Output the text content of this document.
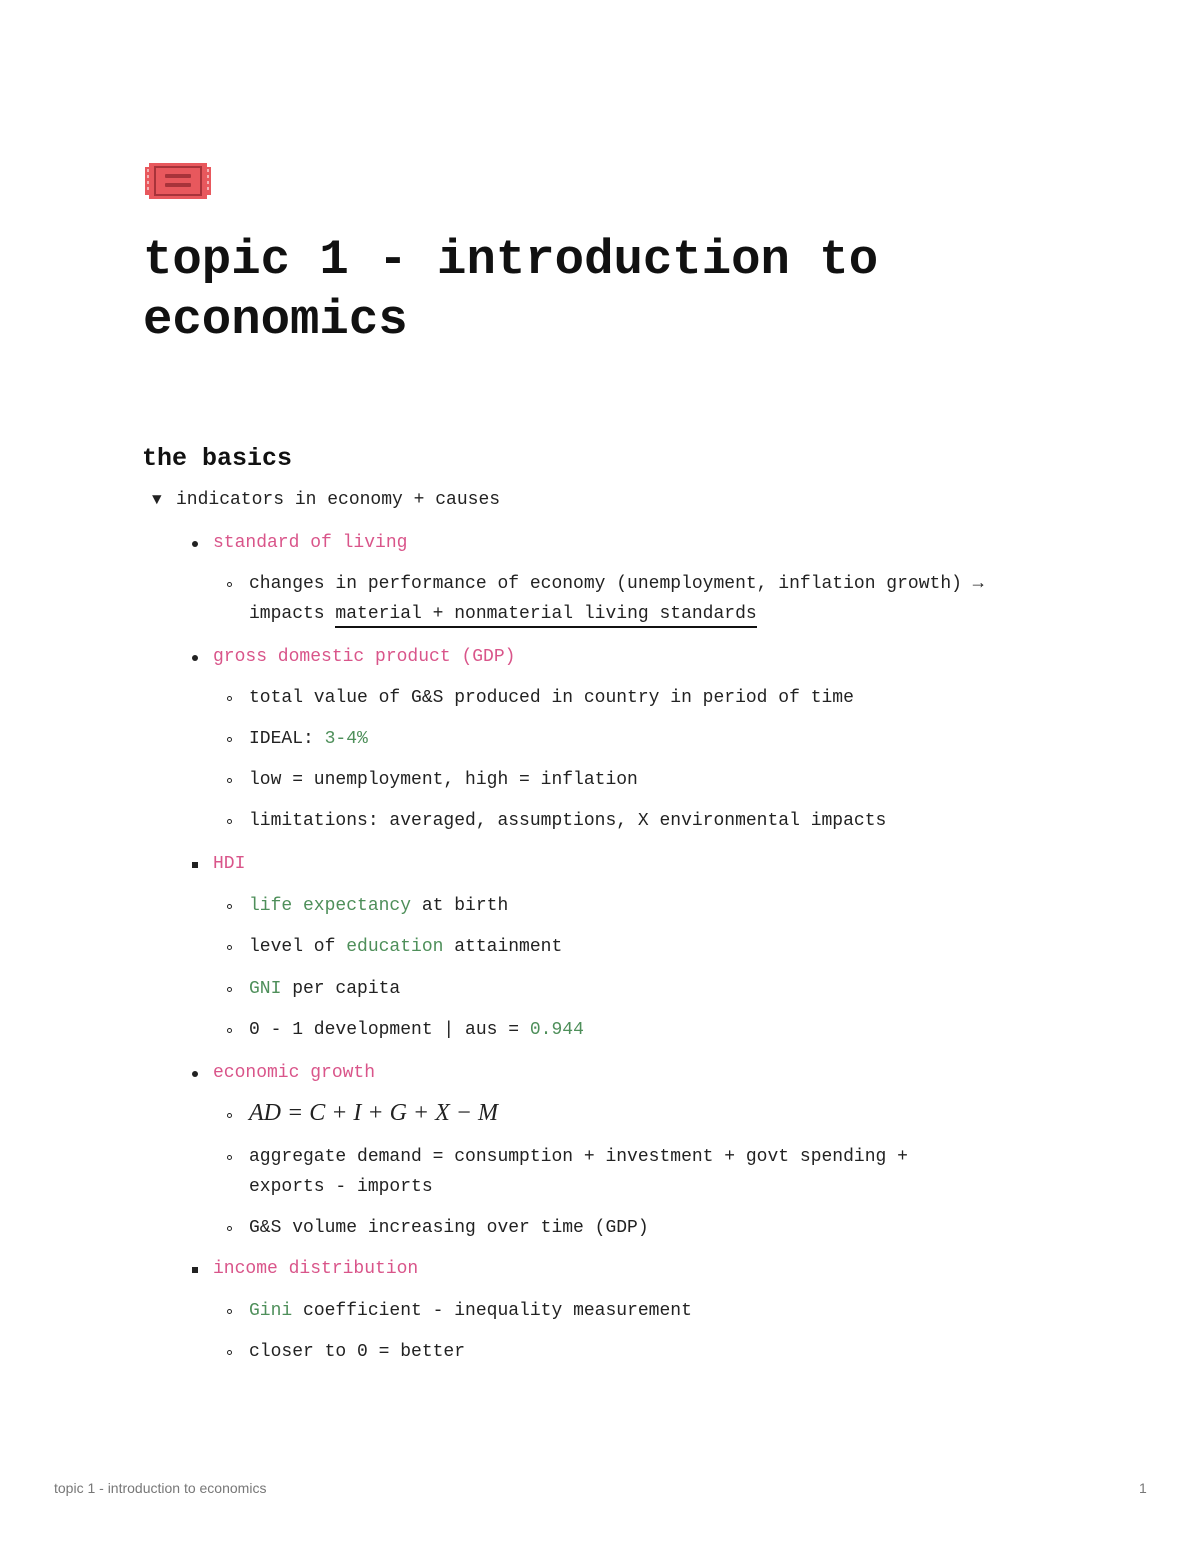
topic 1 - introduction to economics
the basics
▼ indicators in economy + causes
standard of living
changes in performance of economy (unemployment, inflation growth) →
impacts material + nonmaterial living standards
gross domestic product (GDP)
total value of G&S produced in country in period of time
IDEAL: 3-4%
low = unemployment, high = inflation
limitations: averaged, assumptions, X environmental impacts
HDI
life expectancy at birth
level of education attainment
GNI per capita
0 - 1 development | aus = 0.944
economic growth
AD = C + I + G + X − M
aggregate demand = consumption + investment + govt spending +
exports - imports
G&S volume increasing over time (GDP)
income distribution
Gini coefficient - inequality measurement
closer to 0 = better
topic 1 - introduction to economics	1
